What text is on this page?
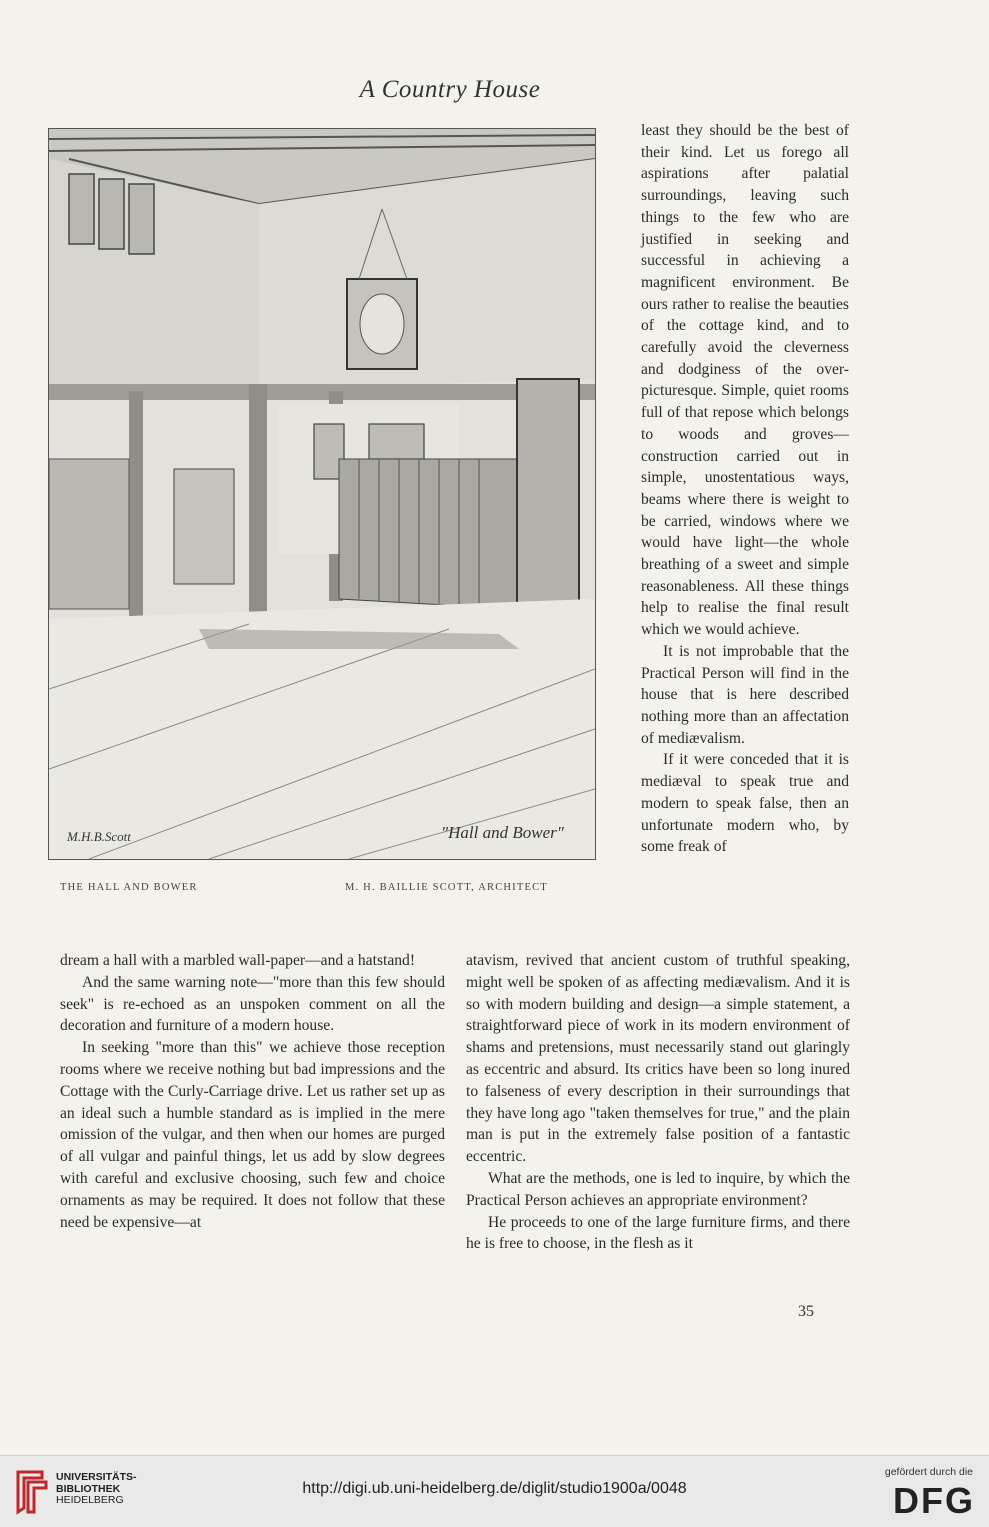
A Country House
M.H.B.Scott	"Hall and Bower"
THE HALL AND BOWER	M. H. BAILLIE SCOTT, ARCHITECT

least they should be the best of their kind. Let us forego all aspirations after palatial surroundings, leaving such things to the few who are justified in seeking and successful in achieving a magnificent environment. Be ours rather to realise the beauties of the cottage kind, and to carefully avoid the cleverness and dodginess of the over-picturesque. Simple, quiet rooms full of that repose which belongs to woods and groves—construction carried out in simple, unostentatious ways, beams where there is weight to be carried, windows where we would have light—the whole breathing of a sweet and simple reasonableness. All these things help to realise the final result which we would achieve.

It is not improbable that the Practical Person will find in the house that is here described nothing more than an affectation of mediævalism.

If it were conceded that it is mediæval to speak true and modern to speak false, then an unfortunate modern who, by some freak of

dream a hall with a marbled wall-paper—and a hatstand!

And the same warning note—"more than this few should seek" is re-echoed as an unspoken comment on all the decoration and furniture of a modern house.

In seeking "more than this" we achieve those reception rooms where we receive nothing but bad impressions and the Cottage with the Curly-Carriage drive. Let us rather set up as an ideal such a humble standard as is implied in the mere omission of the vulgar, and then when our homes are purged of all vulgar and painful things, let us add by slow degrees with careful and exclusive choosing, such few and choice ornaments as may be required. It does not follow that these need be expensive—at

atavism, revived that ancient custom of truthful speaking, might well be spoken of as affecting mediævalism. And it is so with modern building and design—a simple statement, a straightforward piece of work in its modern environment of shams and pretensions, must necessarily stand out glaringly as eccentric and absurd. Its critics have been so long inured to falseness of every description in their surroundings that they have long ago "taken themselves for true," and the plain man is put in the extremely false position of a fantastic eccentric.

What are the methods, one is led to inquire, by which the Practical Person achieves an appropriate environment?

He proceeds to one of the large furniture firms, and there he is free to choose, in the flesh as it

35
UNIVERSITÄTS-
BIBLIOTHEK
HEIDELBERG
http://digi.ub.uni-heidelberg.de/diglit/studio1900a/0048
gefördert durch die
DFG
